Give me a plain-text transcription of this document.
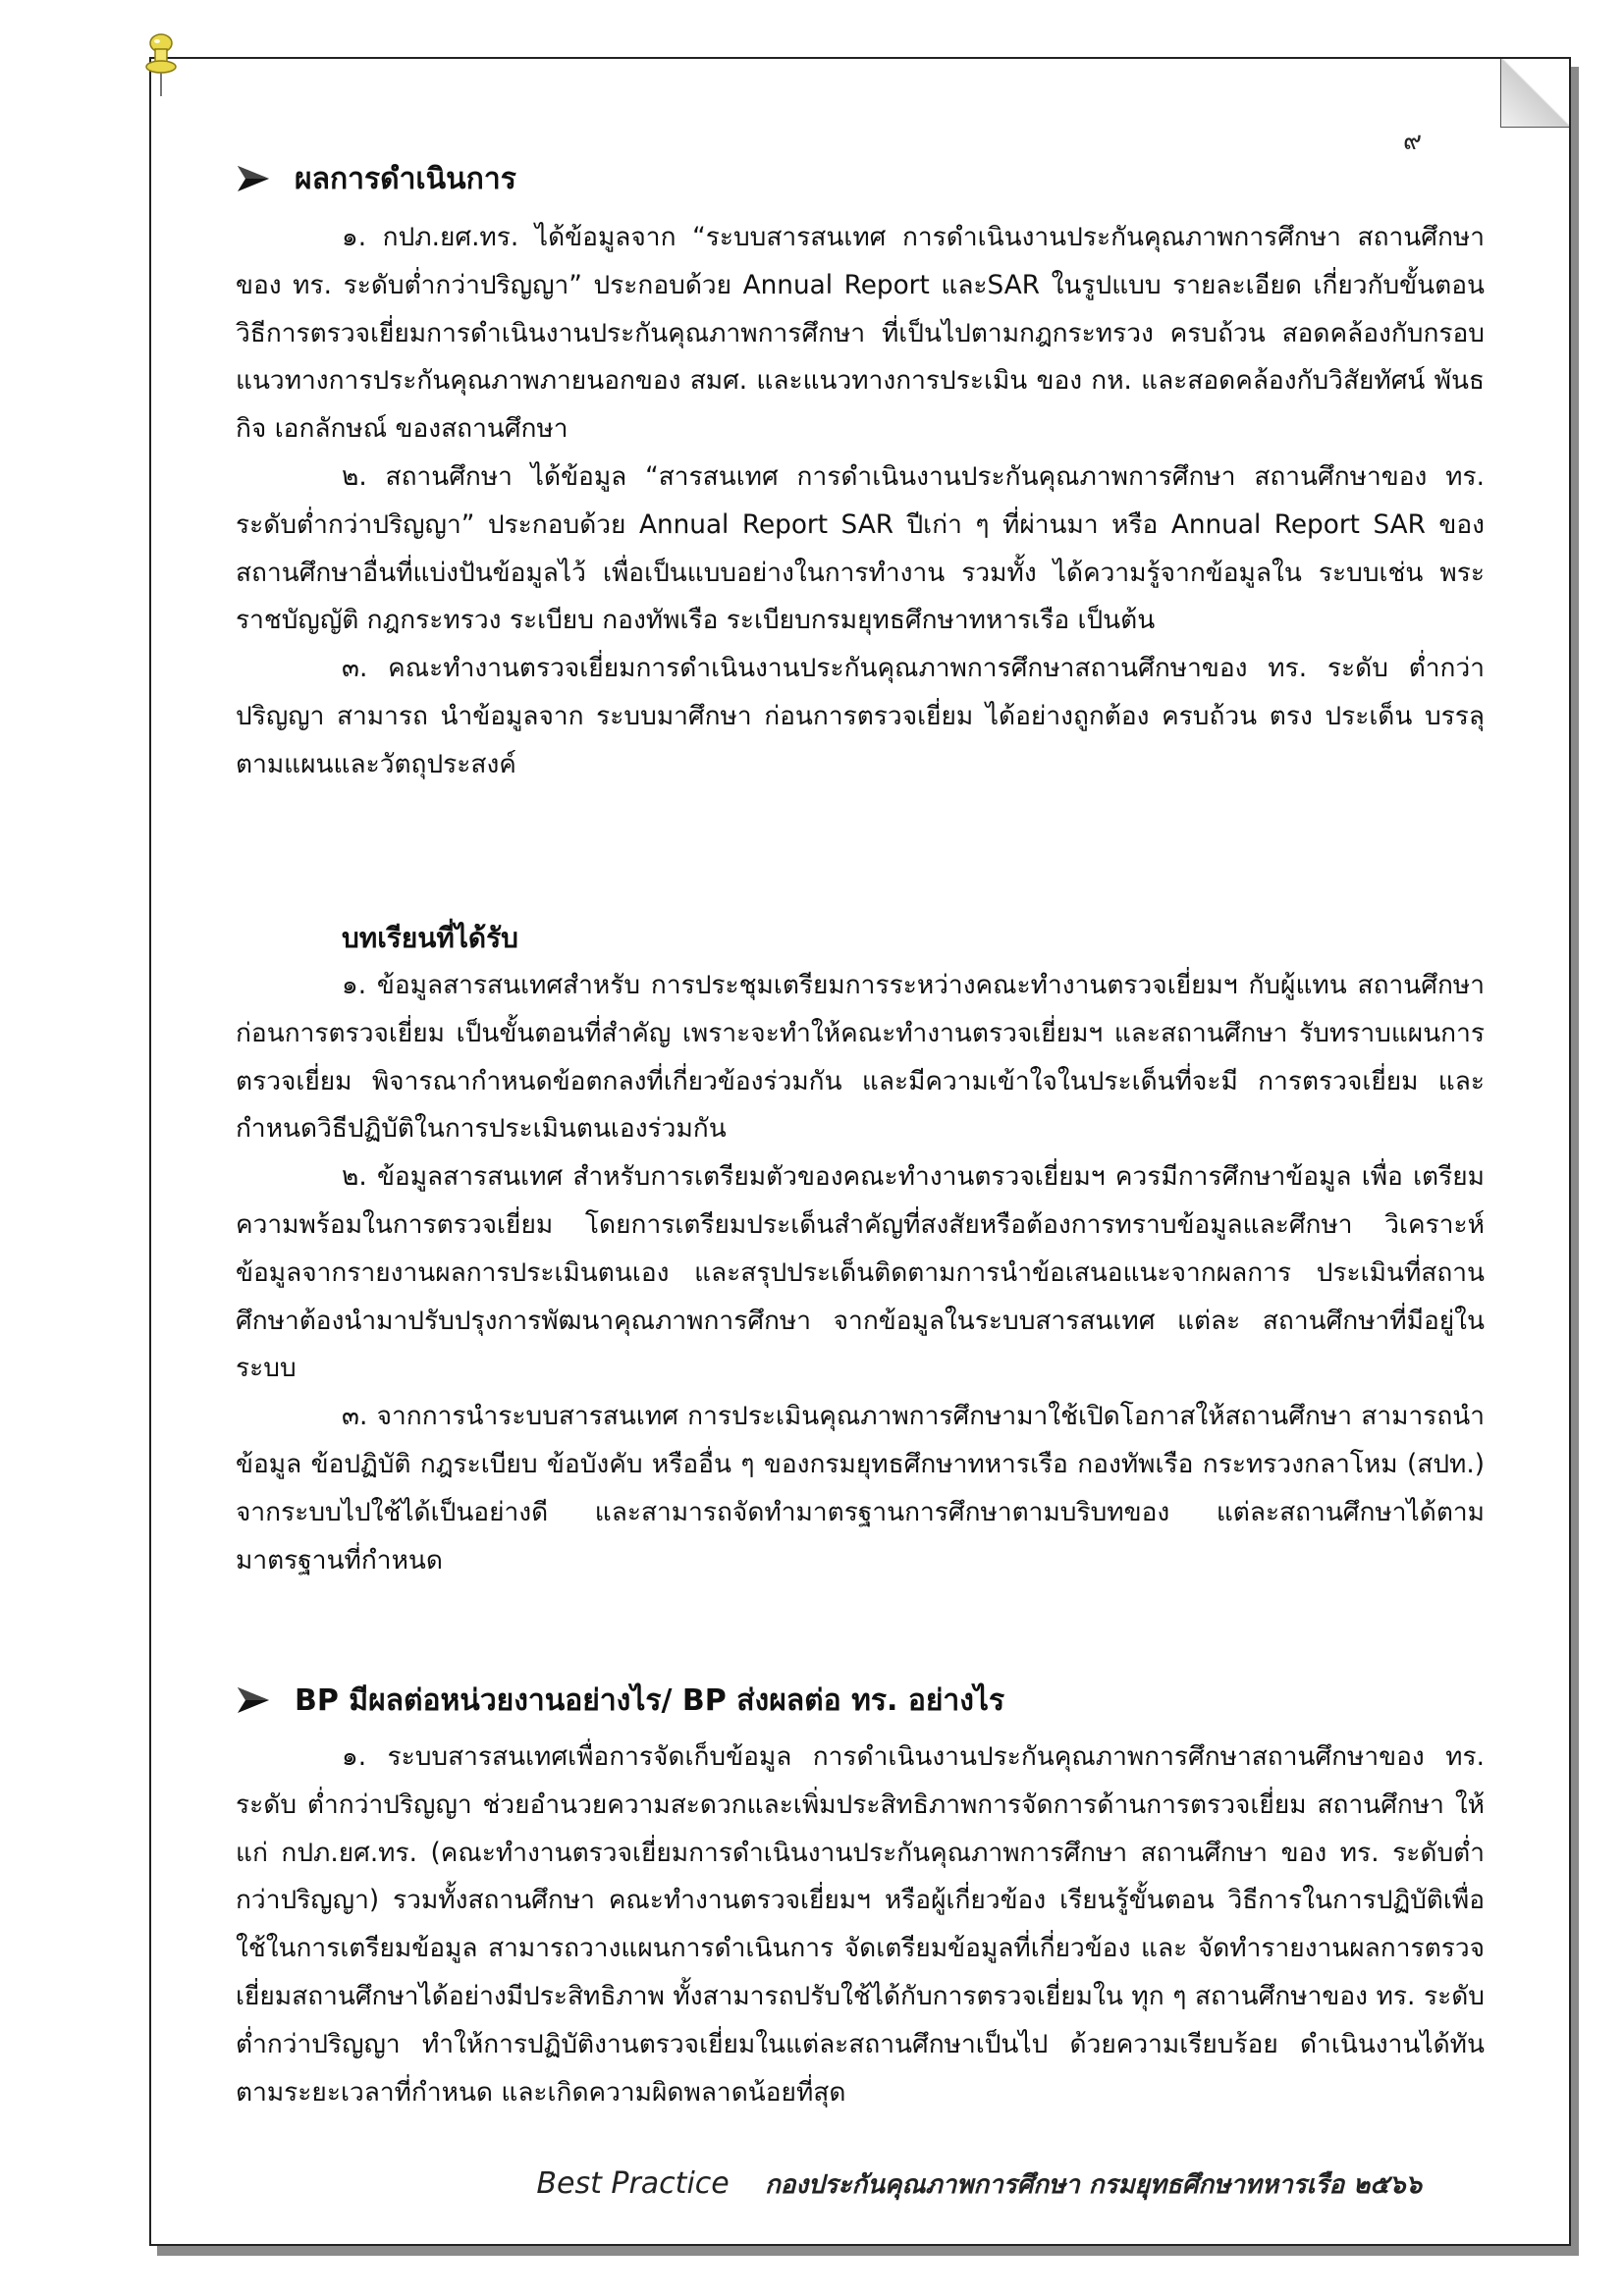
๙
ผลการดำเนินการ

๑. กปภ.ยศ.ทร. ได้ข้อมูลจาก “ระบบสารสนเทศ การดำเนินงานประกันคุณภาพการศึกษา สถานศึกษาของ ทร. ระดับต่ำกว่าปริญญา” ประกอบด้วย Annual Report และSAR ในรูปแบบ รายละเอียด เกี่ยวกับขั้นตอน วิธีการตรวจเยี่ยมการดำเนินงานประกันคุณภาพการศึกษา ที่เป็นไปตามกฎกระทรวง ครบถ้วน สอดคล้องกับกรอบแนวทางการประกันคุณภาพภายนอกของ สมศ. และแนวทางการประเมิน ของ กห. และสอดคล้องกับวิสัยทัศน์ พันธกิจ เอกลักษณ์ ของสถานศึกษา

๒. สถานศึกษา ได้ข้อมูล “สารสนเทศ การดำเนินงานประกันคุณภาพการศึกษา สถานศึกษาของ ทร. ระดับต่ำกว่าปริญญา” ประกอบด้วย Annual Report SAR ปีเก่า ๆ ที่ผ่านมา หรือ Annual Report SAR ของสถานศึกษาอื่นที่แบ่งปันข้อมูลไว้ เพื่อเป็นแบบอย่างในการทำงาน รวมทั้ง ได้ความรู้จากข้อมูลใน ระบบเช่น พระราชบัญญัติ กฎกระทรวง ระเบียบ กองทัพเรือ ระเบียบกรมยุทธศึกษาทหารเรือ เป็นต้น

๓. คณะทำงานตรวจเยี่ยมการดำเนินงานประกันคุณภาพการศึกษาสถานศึกษาของ ทร. ระดับ ต่ำกว่าปริญญา สามารถ นำข้อมูลจาก ระบบมาศึกษา ก่อนการตรวจเยี่ยม ได้อย่างถูกต้อง ครบถ้วน ตรง ประเด็น บรรลุตามแผนและวัตถุประสงค์

บทเรียนที่ได้รับ

๑. ข้อมูลสารสนเทศสำหรับ การประชุมเตรียมการระหว่างคณะทำงานตรวจเยี่ยมฯ กับผู้แทน สถานศึกษาก่อนการตรวจเยี่ยม เป็นขั้นตอนที่สำคัญ เพราะจะทำให้คณะทำงานตรวจเยี่ยมฯ และสถานศึกษา รับทราบแผนการตรวจเยี่ยม พิจารณากำหนดข้อตกลงที่เกี่ยวข้องร่วมกัน และมีความเข้าใจในประเด็นที่จะมี การตรวจเยี่ยม และกำหนดวิธีปฏิบัติในการประเมินตนเองร่วมกัน

๒. ข้อมูลสารสนเทศ สำหรับการเตรียมตัวของคณะทำงานตรวจเยี่ยมฯ ควรมีการศึกษาข้อมูล เพื่อ เตรียมความพร้อมในการตรวจเยี่ยม โดยการเตรียมประเด็นสำคัญที่สงสัยหรือต้องการทราบข้อมูลและศึกษา วิเคราะห์ข้อมูลจากรายงานผลการประเมินตนเอง และสรุปประเด็นติดตามการนำข้อเสนอแนะจากผลการ ประเมินที่สถานศึกษาต้องนำมาปรับปรุงการพัฒนาคุณภาพการศึกษา จากข้อมูลในระบบสารสนเทศ แต่ละ สถานศึกษาที่มีอยู่ในระบบ

๓. จากการนำระบบสารสนเทศ การประเมินคุณภาพการศึกษามาใช้เปิดโอกาสให้สถานศึกษา สามารถนำข้อมูล ข้อปฏิบัติ กฎระเบียบ ข้อบังคับ หรืออื่น ๆ ของกรมยุทธศึกษาทหารเรือ กองทัพเรือ กระทรวงกลาโหม (สปท.) จากระบบไปใช้ได้เป็นอย่างดี และสามารถจัดทำมาตรฐานการศึกษาตามบริบทของ แต่ละสถานศึกษาได้ตามมาตรฐานที่กำหนด

BP มีผลต่อหน่วยงานอย่างไร/ BP ส่งผลต่อ ทร. อย่างไร

๑. ระบบสารสนเทศเพื่อการจัดเก็บข้อมูล การดำเนินงานประกันคุณภาพการศึกษาสถานศึกษาของ ทร. ระดับ ต่ำกว่าปริญญา ช่วยอำนวยความสะดวกและเพิ่มประสิทธิภาพการจัดการด้านการตรวจเยี่ยม สถานศึกษา ให้แก่ กปภ.ยศ.ทร. (คณะทำงานตรวจเยี่ยมการดำเนินงานประกันคุณภาพการศึกษา สถานศึกษา ของ ทร. ระดับต่ำกว่าปริญญา) รวมทั้งสถานศึกษา คณะทำงานตรวจเยี่ยมฯ หรือผู้เกี่ยวข้อง เรียนรู้ขั้นตอน วิธีการในการปฏิบัติเพื่อใช้ในการเตรียมข้อมูล สามารถวางแผนการดำเนินการ จัดเตรียมข้อมูลที่เกี่ยวข้อง และ จัดทำรายงานผลการตรวจเยี่ยมสถานศึกษาได้อย่างมีประสิทธิภาพ ทั้งสามารถปรับใช้ได้กับการตรวจเยี่ยมใน ทุก ๆ สถานศึกษาของ ทร. ระดับต่ำกว่าปริญญา ทำให้การปฏิบัติงานตรวจเยี่ยมในแต่ละสถานศึกษาเป็นไป ด้วยความเรียบร้อย ดำเนินงานได้ทันตามระยะเวลาที่กำหนด และเกิดความผิดพลาดน้อยที่สุด

Best Practice กองประกันคุณภาพการศึกษา กรมยุทธศึกษาทหารเรือ ๒๕๖๖
